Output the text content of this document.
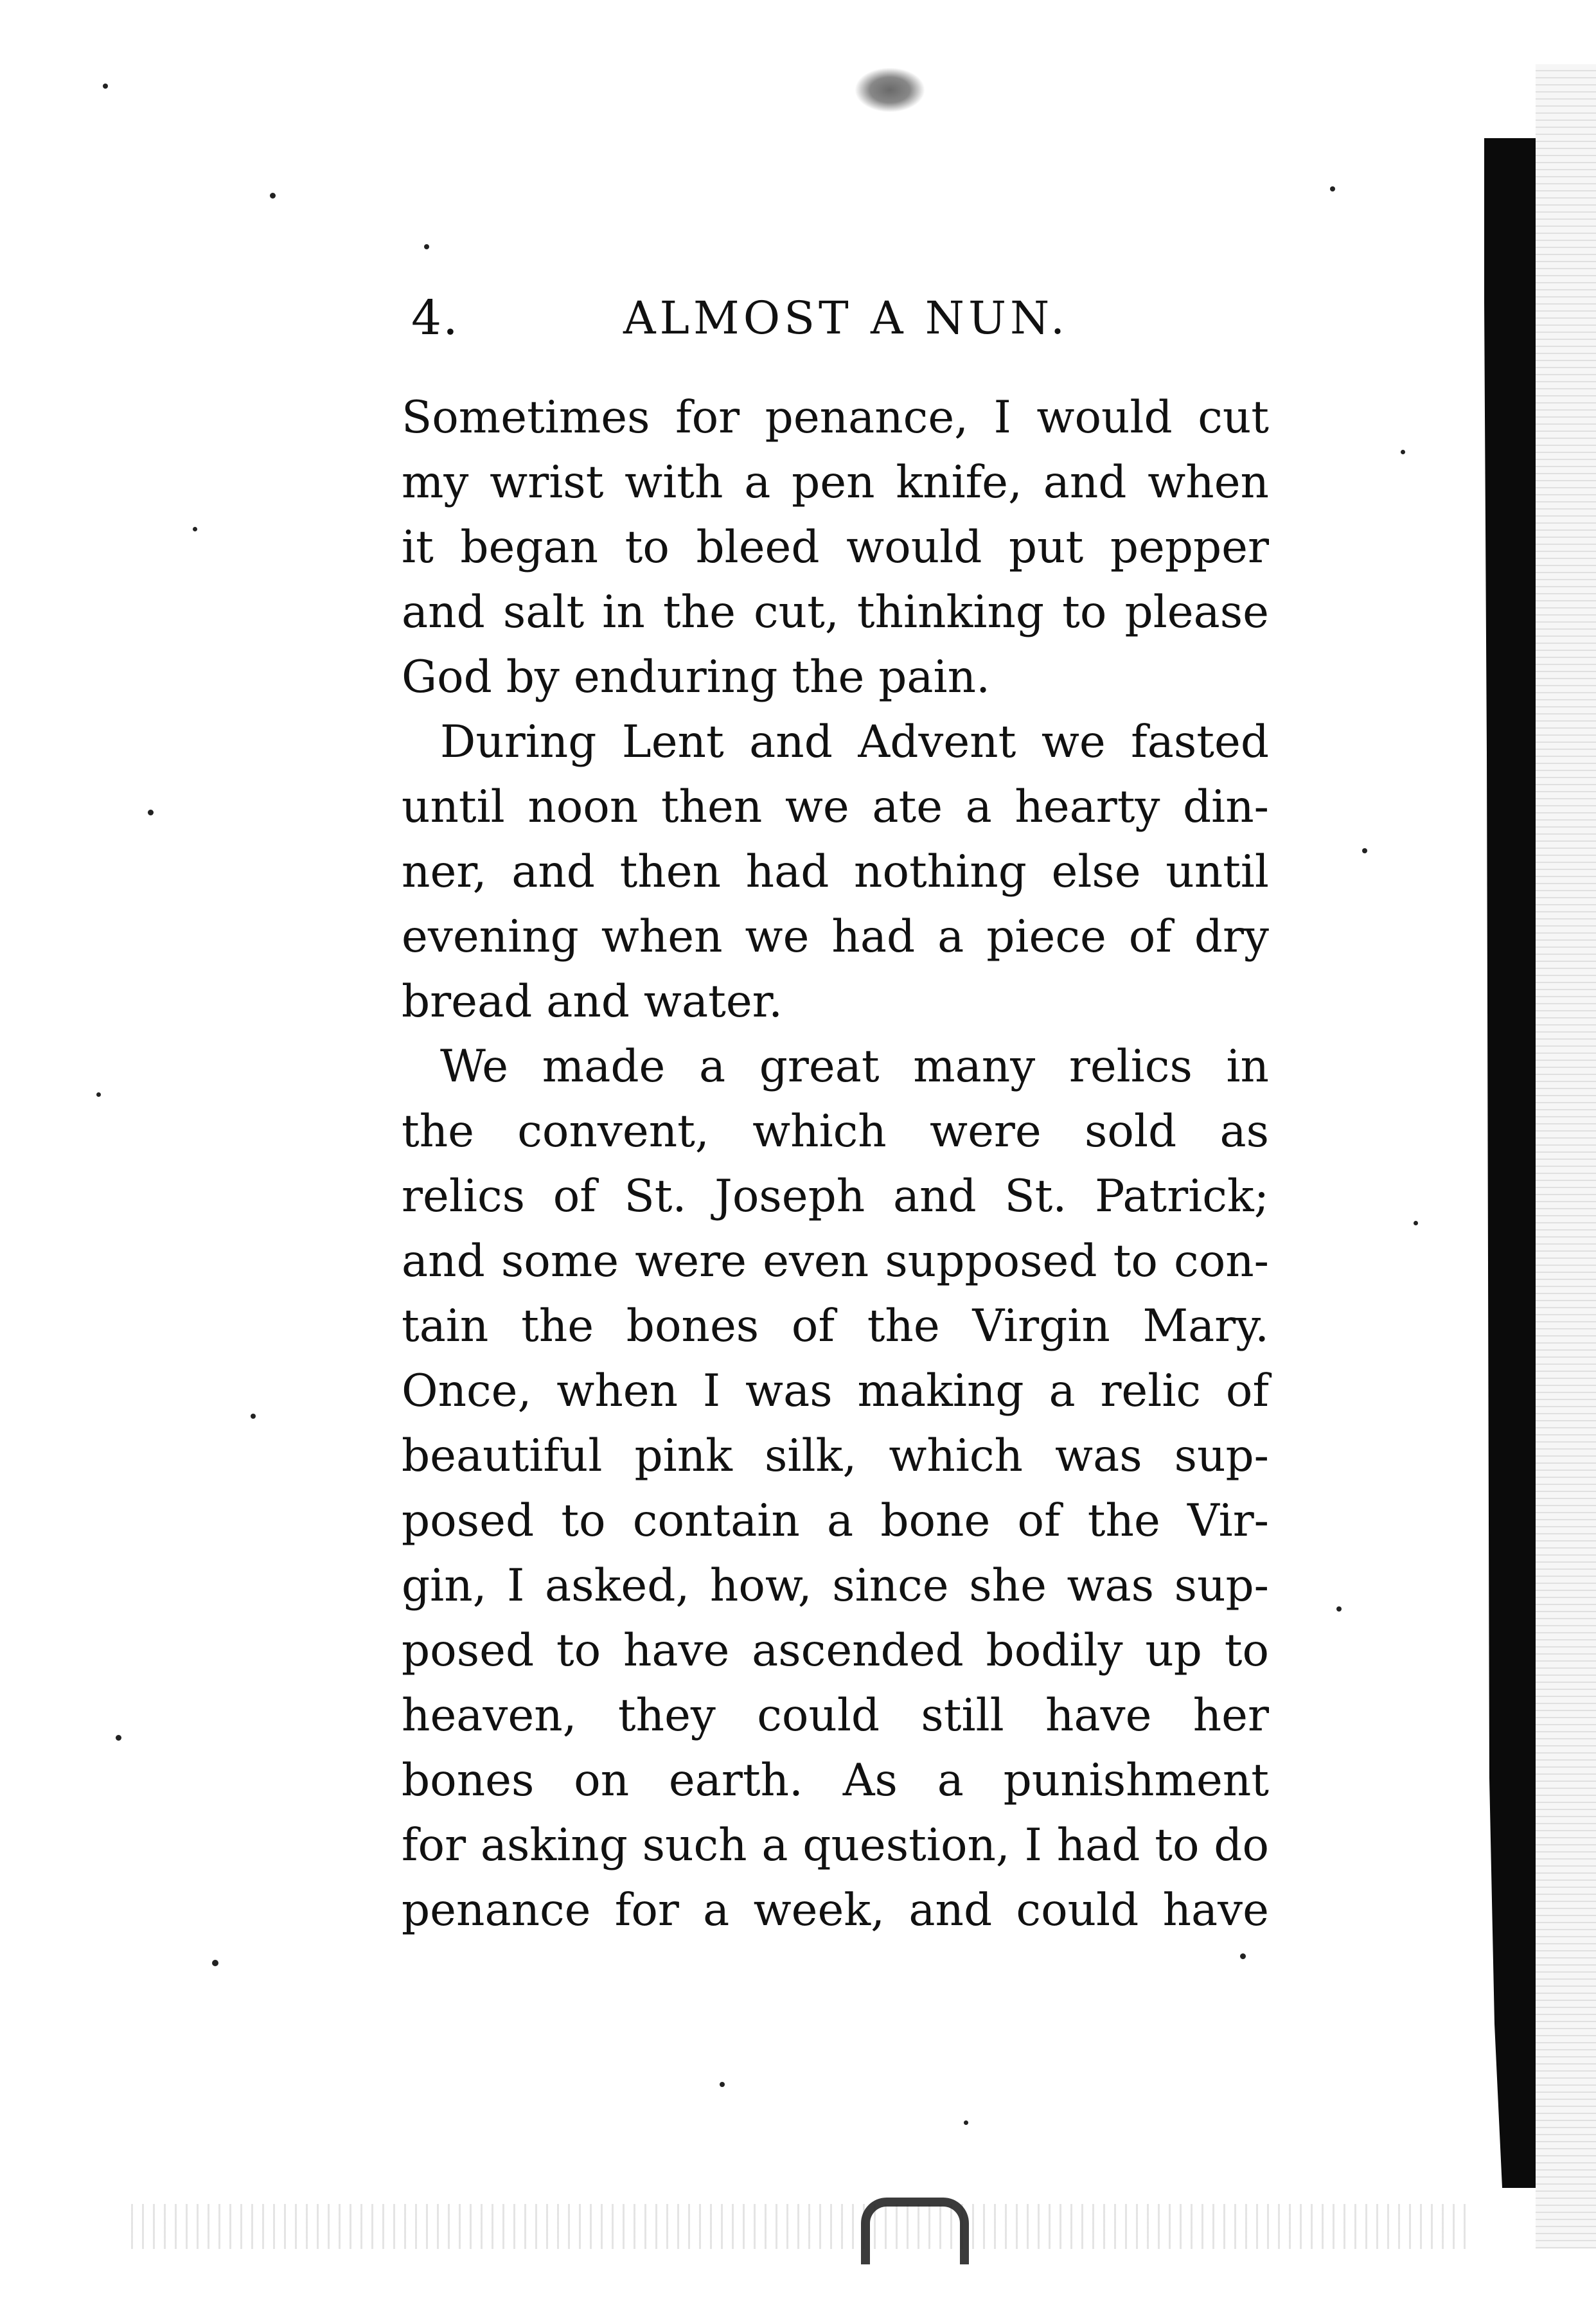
4.	ALMOST A NUN.
Sometimes for penance, I would cut
my wrist with a pen knife, and when
it began to bleed would put pepper
and salt in the cut, thinking to please
God by enduring the pain.
During Lent and Advent we fasted
until noon then we ate a hearty din-
ner, and then had nothing else until
evening when we had a piece of dry
bread and water.
We made a great many relics in
the convent, which were sold as
relics of St. Joseph and St. Patrick;
and some were even supposed to con-
tain the bones of the Virgin Mary.
Once, when I was making a relic of
beautiful pink silk, which was sup-
posed to contain a bone of the Vir-
gin, I asked, how, since she was sup-
posed to have ascended bodily up to
heaven, they could still have her
bones on earth. As a punishment
for asking such a question, I had to do
penance for a week, and could have
